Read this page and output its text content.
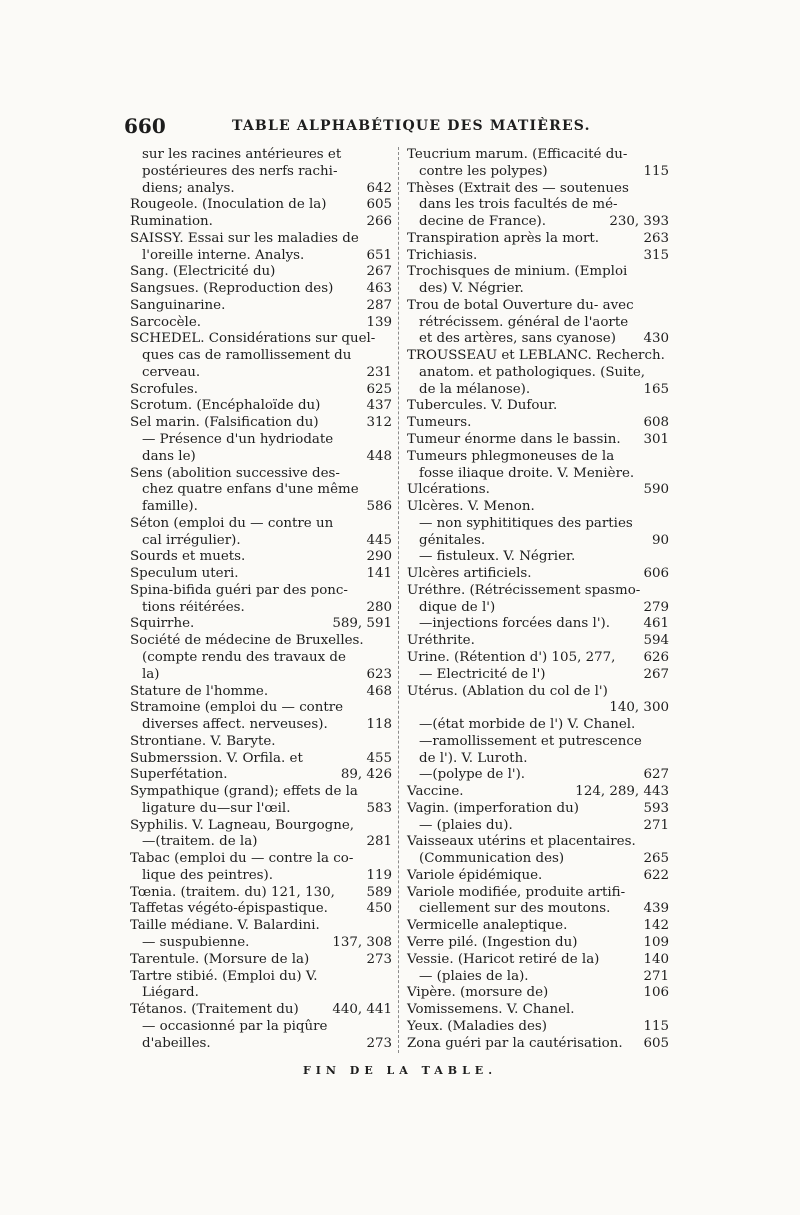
660	TABLE ALPHABÉTIQUE DES MATIÈRES.
sur les racines antérieures et
postérieures des nerfs rachi-
diens; analys.	642
Rougeole. (Inoculation de la)	605
Rumination.	266
SAISSY. Essai sur les maladies de
l'oreille interne. Analys.	651
Sang. (Electricité du)	267
Sangsues. (Reproduction des) 463
Sanguinarine.	287
Sarcocèle.	139
SCHEDEL. Considérations sur quel-
ques cas de ramollissement du
cerveau.	231
Scrofules.	625
Scrotum. (Encéphaloïde du)	437
Sel marin. (Falsification du)	312
— Présence d'un hydriodate
dans le)	448
Sens (abolition successive des-
chez quatre enfans d'une même
famille).	586
Séton (emploi du — contre un
cal irrégulier).	445
Sourds et muets.	290
Speculum uteri.	141
Spina-bifida guéri par des ponc-
tions réitérées.	280
Squirrhe.	589, 591
Société de médecine de Bruxelles.
(compte rendu des travaux de
la)	623
Stature de l'homme.	468
Stramoine (emploi du — contre
diverses affect. nerveuses).	118
Strontiane. V. Baryte.
Submerssion. V. Orfila. et	455
Superfétation.	89, 426
Sympathique (grand); effets de la
ligature du—sur l'œil.	583
Syphilis. V. Lagneau, Bourgogne,
—(traitem. de la)	281
Tabac (emploi du — contre la co-
lique des peintres).	119
Tœnia. (traitem. du) 121, 130, 589
Taffetas végéto-épispastique.	450
Taille médiane. V. Balardini.
— suspubienne.	137, 308
Tarentule. (Morsure de la)	273
Tartre stibié. (Emploi du) V.
Liégard.
Tétanos. (Traitement du)	440, 441
— occasionné par la piqûre
d'abeilles.	273
Teucrium marum. (Efficacité du-
contre les polypes)	115
Thèses (Extrait des — soutenues
dans les trois facultés de mé-
decine de France).	230, 393
Transpiration après la mort.	263
Trichiasis.	315
Trochisques de minium. (Emploi
des) V. Négrier.
Trou de botal Ouverture du- avec
rétrécissem. général de l'aorte
et des artères, sans cyanose) 430
TROUSSEAU et LEBLANC. Recherch.
anatom. et pathologiques. (Suite,
de la mélanose).	165
Tubercules. V. Dufour.
Tumeurs.	608
Tumeur énorme dans le bassin. 301
Tumeurs phlegmoneuses de la
fosse iliaque droite. V. Menière.
Ulcérations.	590
Ulcères. V. Menon.
— non syphititiques des parties
génitales.	90
— fistuleux. V. Négrier.
Ulcères artificiels.	606
Uréthre. (Rétrécissement spasmo-
dique de l')	279
—injections forcées dans l'). 461
Uréthrite.	594
Urine. (Rétention d') 105, 277, 626
— Electricité de l')	267
Utérus. (Ablation du col de l')
140, 300
—(état morbide de l') V. Chanel.
—ramollissement et putrescence
de l'). V. Luroth.
—(polype de l').	627
Vaccine.	124, 289, 443
Vagin. (imperforation du)	593
— (plaies du).	271
Vaisseaux utérins et placentaires.
(Communication des)	265
Variole épidémique.	622
Variole modifiée, produite artifi-
ciellement sur des moutons. 439
Vermicelle analeptique.	142
Verre pilé. (Ingestion du)	109
Vessie. (Haricot retiré de la)	140
— (plaies de la).	271
Vipère. (morsure de)	106
Vomissemens. V. Chanel.
Yeux. (Maladies des)	115
Zona guéri par la cautérisation. 605
FIN DE LA TABLE.
